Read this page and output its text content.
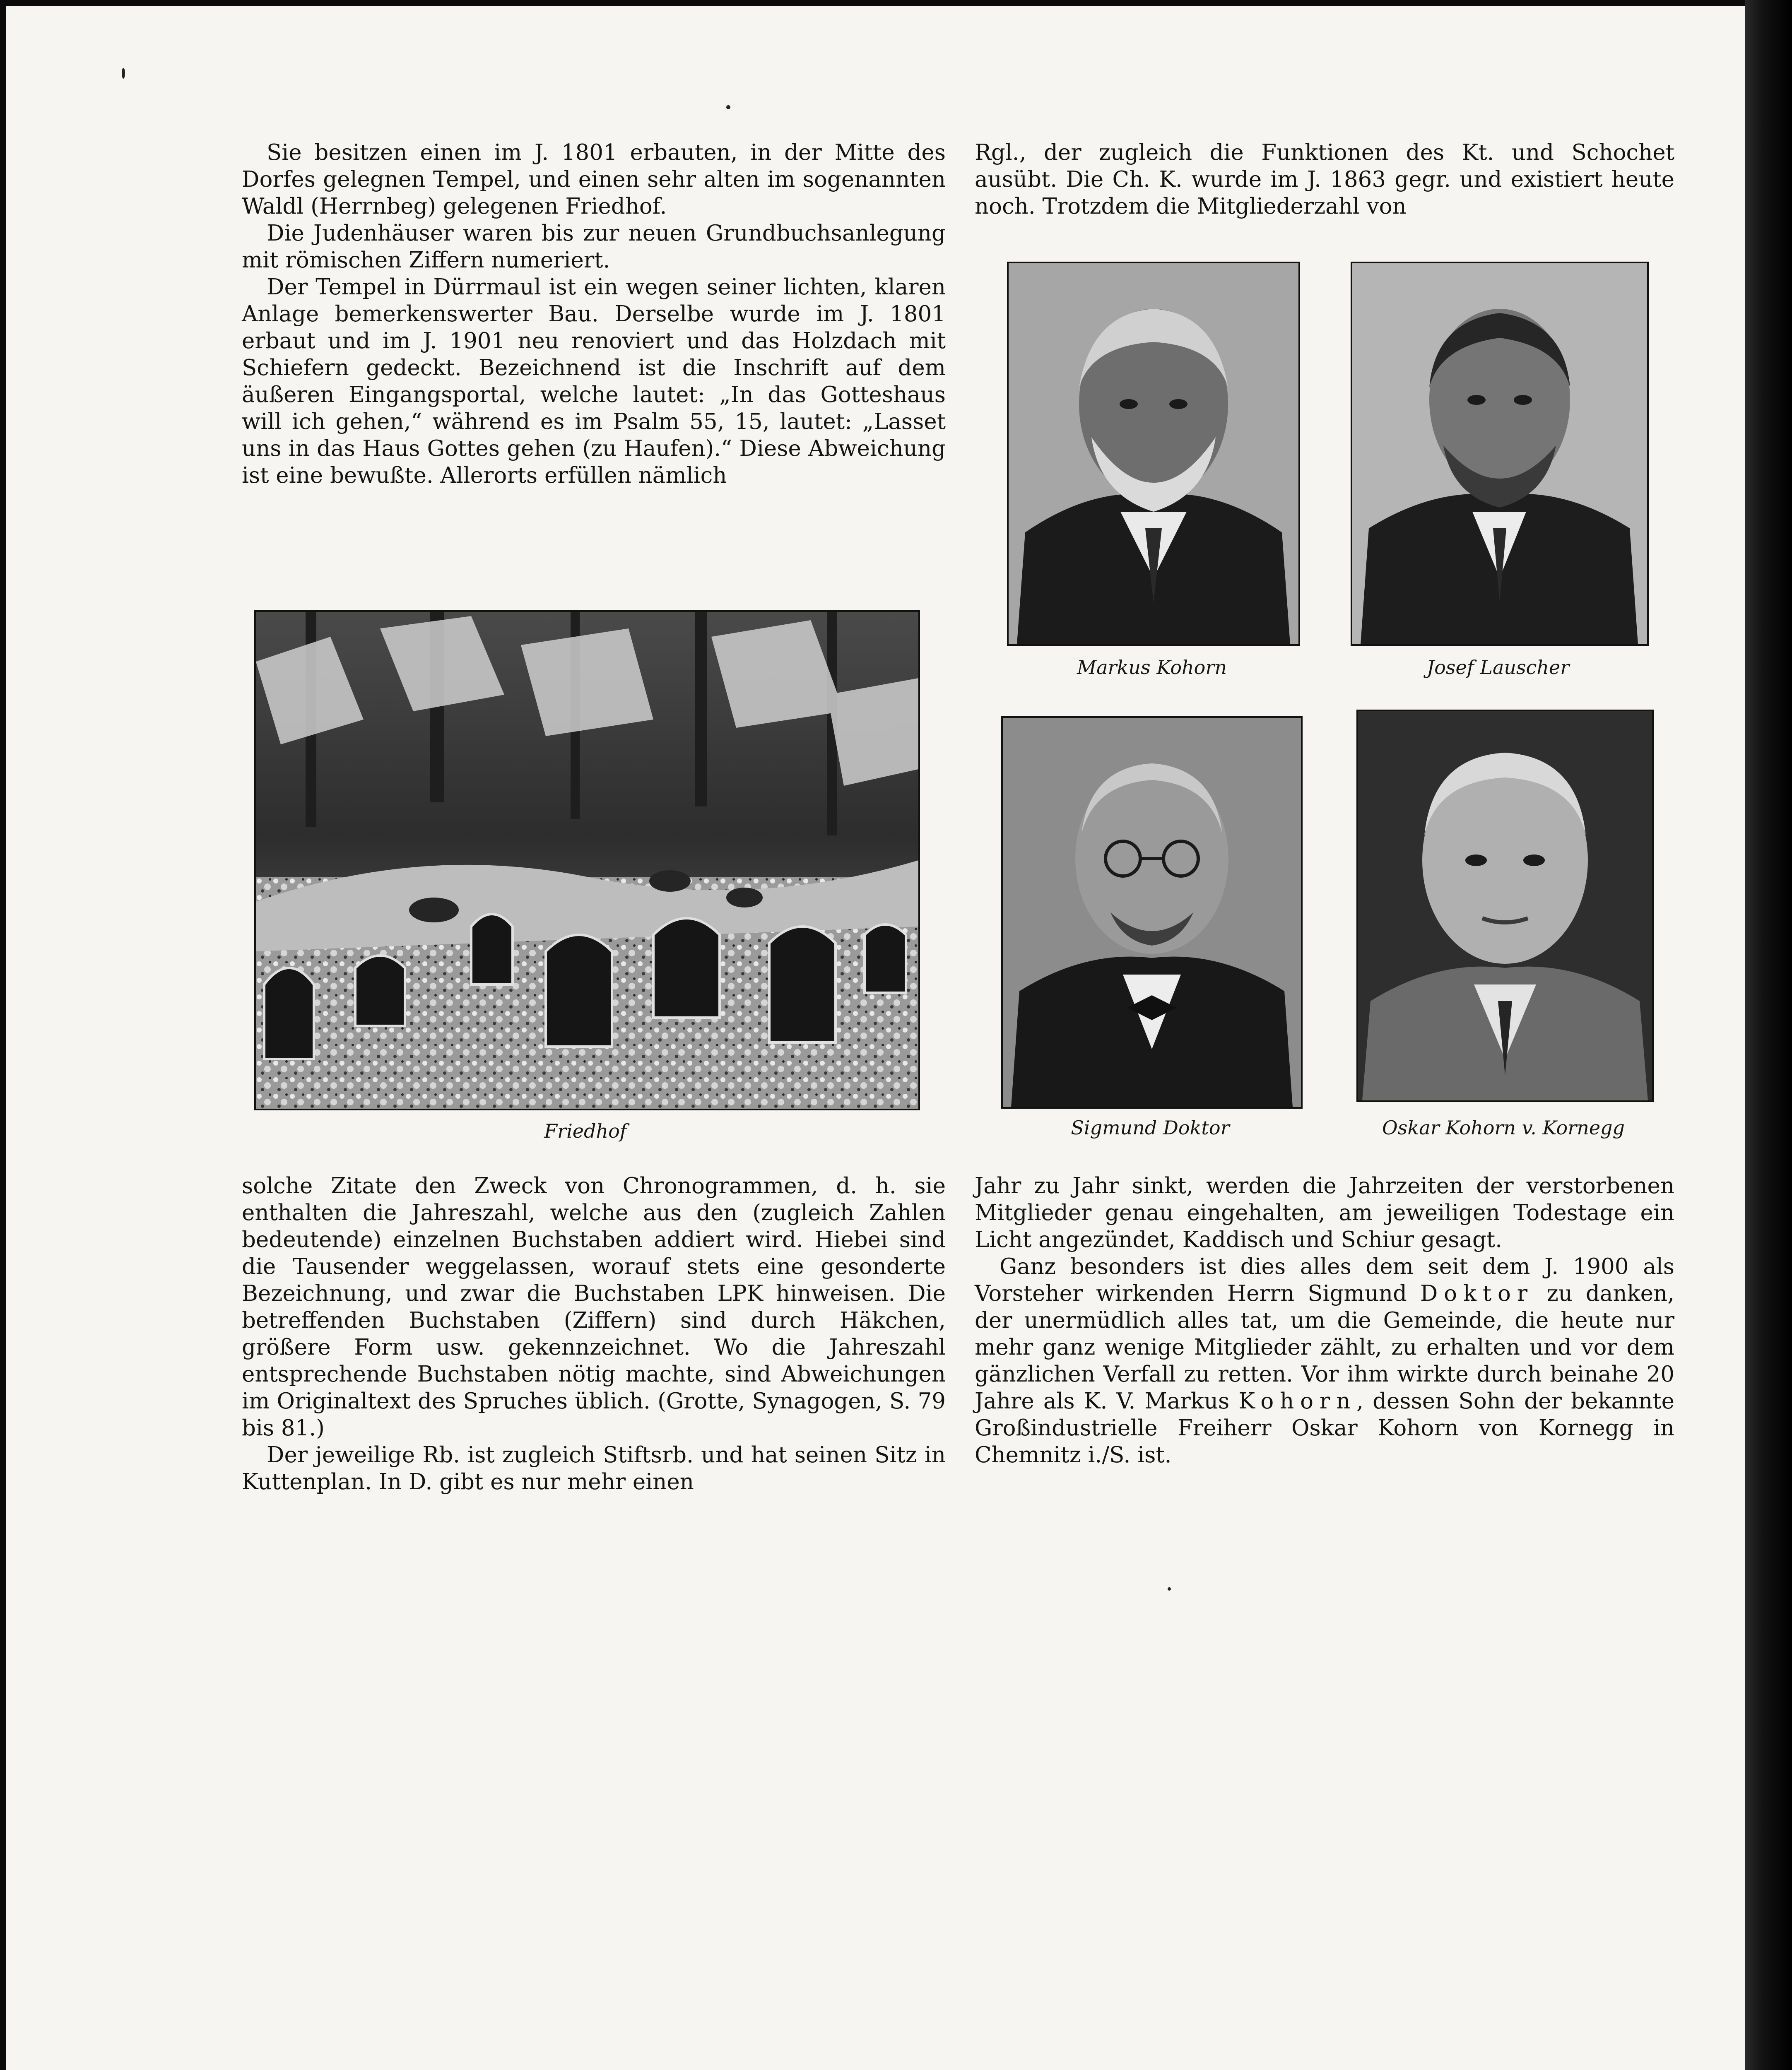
Sie besitzen einen im J. 1801 erbauten, in der Mitte des Dorfes gelegnen Tempel, und einen sehr alten im sogenannten Waldl (Herrnbeg) gelegenen Friedhof.

Die Judenhäuser waren bis zur neuen Grundbuchsanlegung mit römischen Ziffern numeriert.

Der Tempel in Dürrmaul ist ein wegen seiner lichten, klaren Anlage bemerkenswerter Bau. Derselbe wurde im J. 1801 erbaut und im J. 1901 neu renoviert und das Holzdach mit Schiefern gedeckt. Bezeichnend ist die Inschrift auf dem äußeren Eingangsportal, welche lautet: „In das Gotteshaus will ich gehen,“ während es im Psalm 55, 15, lautet: „Lasset uns in das Haus Gottes gehen (zu Haufen).“ Diese Abweichung ist eine bewußte. Allerorts erfüllen nämlich

Rgl., der zugleich die Funktionen des Kt. und Schochet ausübt. Die Ch. K. wurde im J. 1863 gegr. und existiert heute noch. Trotzdem die Mitgliederzahl von

Friedhof
Markus Kohorn	Josef Lauscher
Sigmund Doktor	Oskar Kohorn v. Kornegg

solche Zitate den Zweck von Chronogrammen, d. h. sie enthalten die Jahreszahl, welche aus den (zugleich Zahlen bedeutende) einzelnen Buchstaben addiert wird. Hiebei sind die Tausender weggelassen, worauf stets eine gesonderte Bezeichnung, und zwar die Buchstaben LPK hinweisen. Die betreffenden Buchstaben (Ziffern) sind durch Häkchen, größere Form usw. gekennzeichnet. Wo die Jahreszahl entsprechende Buchstaben nötig machte, sind Abweichungen im Originaltext des Spruches üblich. (Grotte, Synagogen, S. 79 bis 81.)

Der jeweilige Rb. ist zugleich Stiftsrb. und hat seinen Sitz in Kuttenplan. In D. gibt es nur mehr einen

Jahr zu Jahr sinkt, werden die Jahrzeiten der verstorbenen Mitglieder genau eingehalten, am jeweiligen Todestage ein Licht angezündet, Kaddisch und Schiur gesagt.

Ganz besonders ist dies alles dem seit dem J. 1900 als Vorsteher wirkenden Herrn Sigmund Doktor zu danken, der unermüdlich alles tat, um die Gemeinde, die heute nur mehr ganz wenige Mitglieder zählt, zu erhalten und vor dem gänzlichen Verfall zu retten. Vor ihm wirkte durch beinahe 20 Jahre als K. V. Markus Kohorn, dessen Sohn der bekannte Großindustrielle Freiherr Oskar Kohorn von Kornegg in Chemnitz i./S. ist.
